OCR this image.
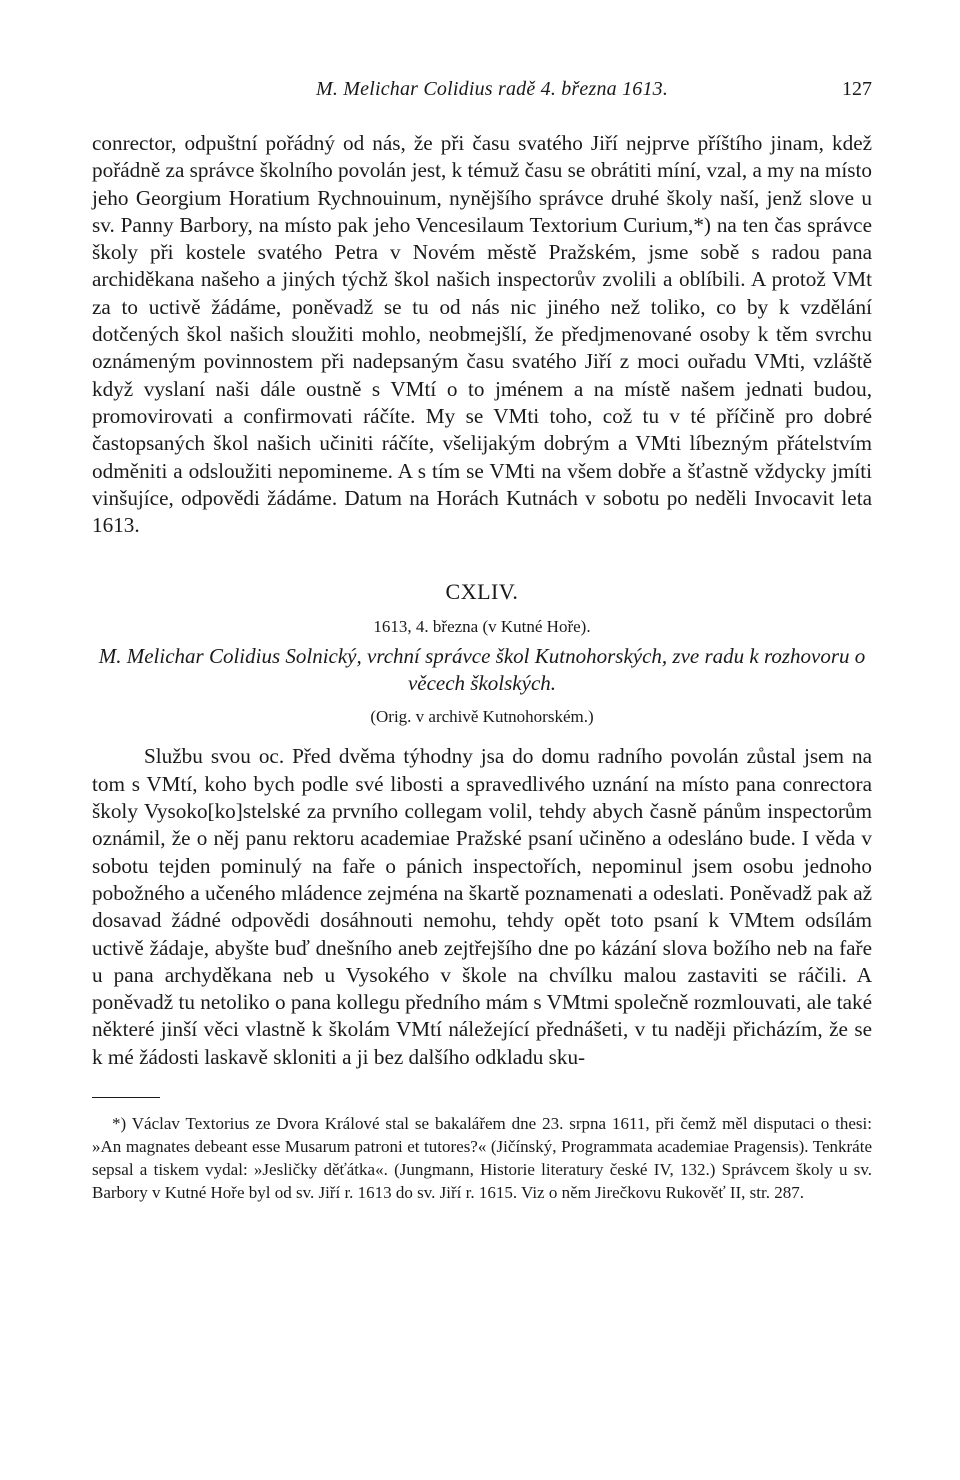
M. Melichar Colidius radě 4. března 1613.	127

conrector, odpuštní pořádný od nás, že při času svatého Jiří nejprve příštího jinam, kdež pořádně za správce školního povolán jest, k témuž času se obrátiti míní, vzal, a my na místo jeho Georgium Horatium Rychnouinum, nynějšího správce druhé školy naší, jenž slove u sv. Panny Barbory, na místo pak jeho Vencesilaum Textorium Curium,*) na ten čas správce školy při kostele svatého Petra v Novém městě Pražském, jsme sobě s radou pana archiděkana našeho a jiných týchž škol našich inspectorův zvolili a oblíbili. A protož VMt za to uctivě žádáme, poněvadž se tu od nás nic jiného než toliko, co by k vzdělání dotčených škol našich sloužiti mohlo, neobmejšlí, že předjmenované osoby k těm svrchu oznámeným povinnostem při nadepsaným času svatého Jiří z moci ouřadu VMti, vzláště když vyslaní naši dále oustně s VMtí o to jménem a na místě našem jednati budou, promovirovati a confirmovati ráčíte. My se VMti toho, což tu v té příčině pro dobré častopsaných škol našich učiniti ráčíte, všelijakým dobrým a VMti líbezným přátelstvím odměniti a odsloužiti nepomineme. A s tím se VMti na všem dobře a šťastně vždycky jmíti vinšujíce, odpovědi žádáme. Datum na Horách Kutnách v sobotu po neděli Invocavit leta 1613.

CXLIV.
1613, 4. března (v Kutné Hoře).
M. Melichar Colidius Solnický, vrchní správce škol Kutnohorských, zve radu k rozhovoru o věcech školských.
(Orig. v archivě Kutnohorském.)

Službu svou oc. Před dvěma týhodny jsa do domu radního povolán zůstal jsem na tom s VMtí, koho bych podle své libosti a spravedlivého uznání na místo pana conrectora školy Vysoko[ko]stelské za prvního collegam volil, tehdy abych časně pánům inspectorům oznámil, že o něj panu rektoru academiae Pražské psaní učiněno a odesláno bude. I věda v sobotu tejden pominulý na faře o pánich inspectořích, nepominul jsem osobu jednoho pobožného a učeného mládence zejména na škartě poznamenati a odeslati. Poněvadž pak až dosavad žádné odpovědi dosáhnouti nemohu, tehdy opět toto psaní k VMtem odsílám uctivě žádaje, abyšte buď dnešního aneb zejtřejšího dne po kázání slova božího neb na faře u pana archyděkana neb u Vysokého v škole na chvílku malou zastaviti se ráčili. A poněvadž tu netoliko o pana kollegu předního mám s VMtmi společně rozmlouvati, ale také některé jinší věci vlastně k školám VMtí náležející přednášeti, v tu naději přicházím, že se k mé žádosti laskavě skloniti a ji bez dalšího odkladu sku-

*) Václav Textorius ze Dvora Králové stal se bakalářem dne 23. srpna 1611, při čemž měl disputaci o thesi: »An magnates debeant esse Musarum patroni et tutores?« (Jičínský, Programmata academiae Pragensis). Tenkráte sepsal a tiskem vydal: »Jesličky děťátka«. (Jungmann, Historie literatury české IV, 132.) Správcem školy u sv. Barbory v Kutné Hoře byl od sv. Jiří r. 1613 do sv. Jiří r. 1615. Viz o něm Jirečkovu Rukověť II, str. 287.
